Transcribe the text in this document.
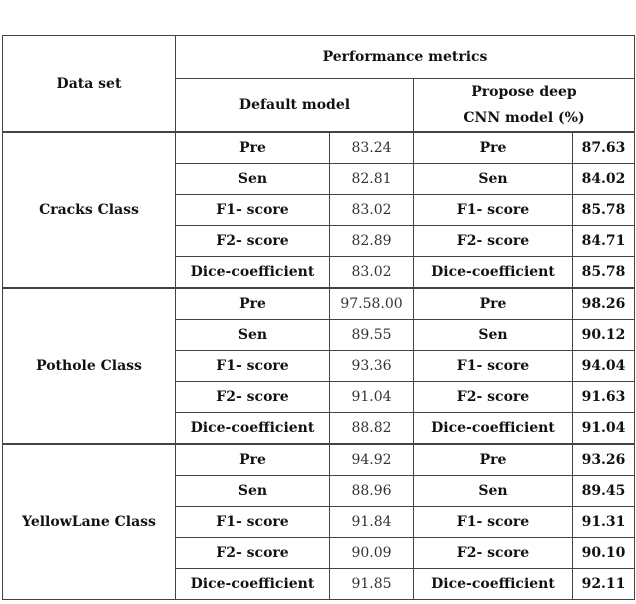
Data set	Performance metrics			
	Default model		Propose deep
CNN model (%)	

Cracks Class	Pre	83.24	Pre	87.63
	Sen	82.81	Sen	84.02
	F1- score	83.02	F1- score	85.78
	F2- score	82.89	F2- score	84.71
	Dice-coefficient	83.02	Dice-coefficient	85.78
Pothole Class	Pre	97.58.00	Pre	98.26
	Sen	89.55	Sen	90.12
	F1- score	93.36	F1- score	94.04
	F2- score	91.04	F2- score	91.63
	Dice-coefficient	88.82	Dice-coefficient	91.04
YellowLane Class	Pre	94.92	Pre	93.26
	Sen	88.96	Sen	89.45
	F1- score	91.84	F1- score	91.31
	F2- score	90.09	F2- score	90.10
	Dice-coefficient	91.85	Dice-coefficient	92.11
